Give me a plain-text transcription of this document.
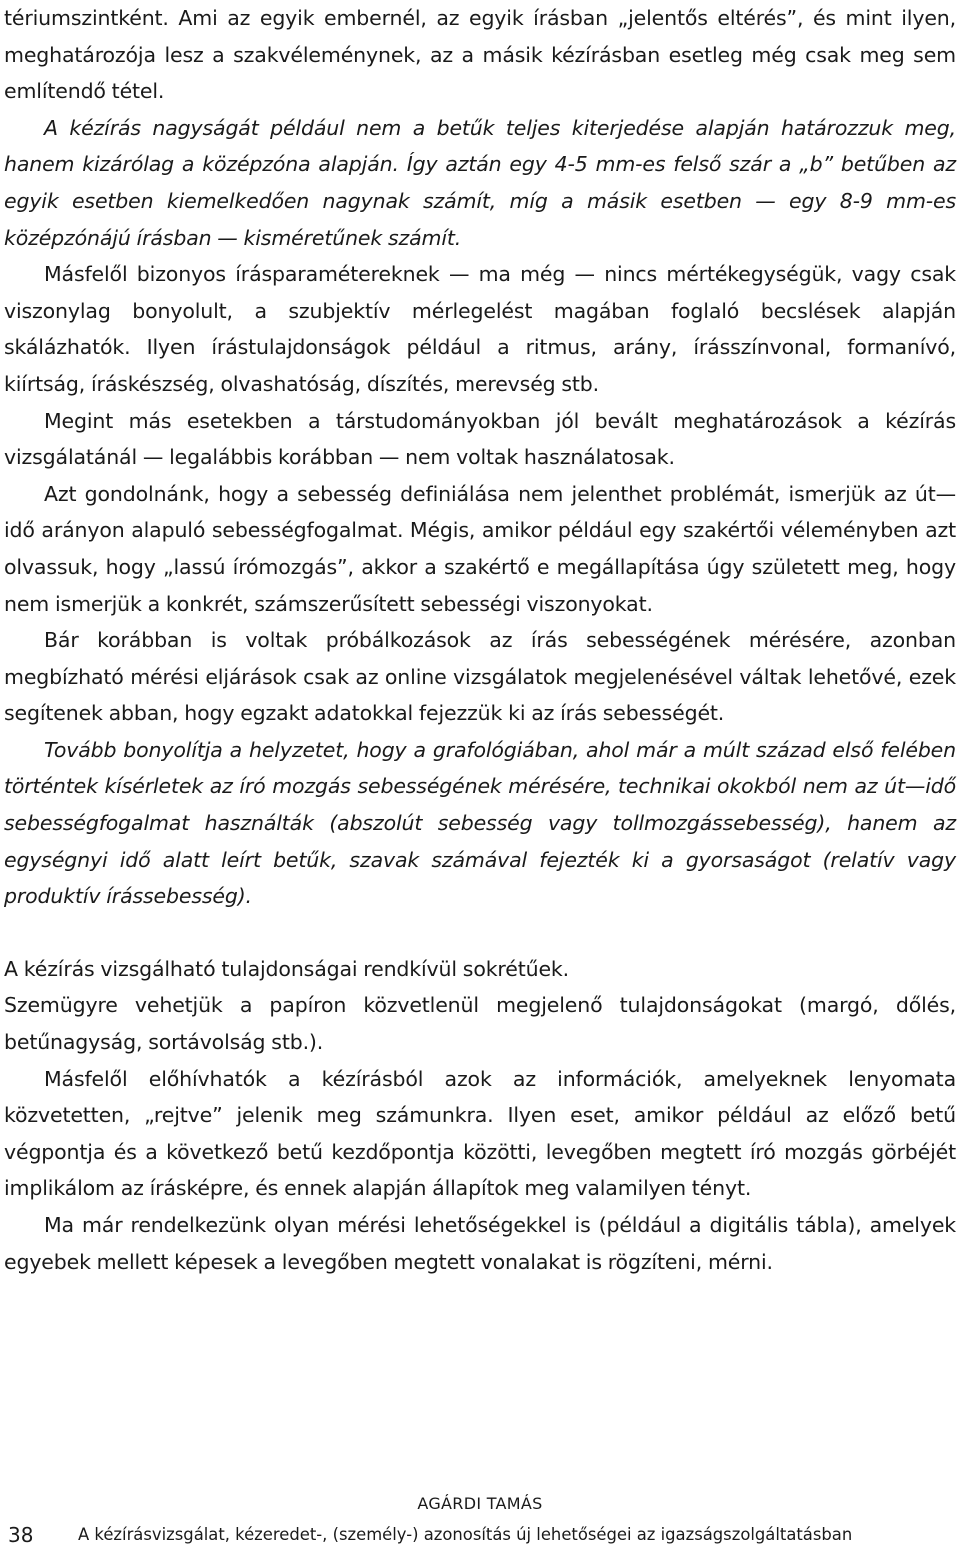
tériumszintként. Ami az egyik embernél, az egyik írásban „jelentős eltérés”, és mint ilyen, meghatározója lesz a szakvéleménynek, az a másik kézírásban esetleg még csak meg sem említendő tétel.

A kézírás nagyságát például nem a betűk teljes kiterjedése alapján határozzuk meg, hanem kizárólag a középzóna alapján. Így aztán egy 4-5 mm-es felső szár a „b” betűben az egyik esetben kiemelkedően nagynak számít, míg a másik esetben — egy 8-9 mm-es középzónájú írásban — kisméretűnek számít.

Másfelől bizonyos írásparamétereknek — ma még — nincs mértékegységük, vagy csak viszonylag bonyolult, a szubjektív mérlegelést magában foglaló becslések alapján skálázhatók. Ilyen írástulajdonságok például a ritmus, arány, írásszínvonal, formanívó, kiírtság, íráskészség, olvashatóság, díszítés, merevség stb.

Megint más esetekben a társtudományokban jól bevált meghatározások a kézírás vizsgálatánál — legalábbis korábban — nem voltak használatosak.

Azt gondolnánk, hogy a sebesség definiálása nem jelenthet problémát, ismerjük az út—idő arányon alapuló sebességfogalmat. Mégis, amikor például egy szakértői véleményben azt olvassuk, hogy „lassú írómozgás”, akkor a szakértő e megállapítása úgy született meg, hogy nem ismerjük a konkrét, számszerűsített sebességi viszonyokat.

Bár korábban is voltak próbálkozások az írás sebességének mérésére, azonban megbízható mérési eljárások csak az online vizsgálatok megjelenésével váltak lehetővé, ezek segítenek abban, hogy egzakt adatokkal fejezzük ki az írás sebességét.

Tovább bonyolítja a helyzetet, hogy a grafológiában, ahol már a múlt század első felében történtek kísérletek az író mozgás sebességének mérésére, technikai okokból nem az út—idő sebességfogalmat használták (abszolút sebesség vagy tollmozgássebesség), hanem az egységnyi idő alatt leírt betűk, szavak számával fejezték ki a gyorsaságot (relatív vagy produktív írássebesség).

A kézírás vizsgálható tulajdonságai rendkívül sokrétűek.

Szemügyre vehetjük a papíron közvetlenül megjelenő tulajdonságokat (margó, dőlés, betűnagyság, sortávolság stb.).

Másfelől előhívhatók a kézírásból azok az információk, amelyeknek lenyomata közvetetten, „rejtve” jelenik meg számunkra. Ilyen eset, amikor például az előző betű végpontja és a következő betű kezdőpontja közötti, levegőben megtett író mozgás görbéjét implikálom az írásképre, és ennek alapján állapítok meg valamilyen tényt.

Ma már rendelkezünk olyan mérési lehetőségekkel is (például a digitális tábla), amelyek egyebek mellett képesek a levegőben megtett vonalakat is rögzíteni, mérni.

AGÁRDI TAMÁS
38	A kézírásvizsgálat, kézeredet-, (személy-) azonosítás új lehetőségei az igazságszolgáltatásban
